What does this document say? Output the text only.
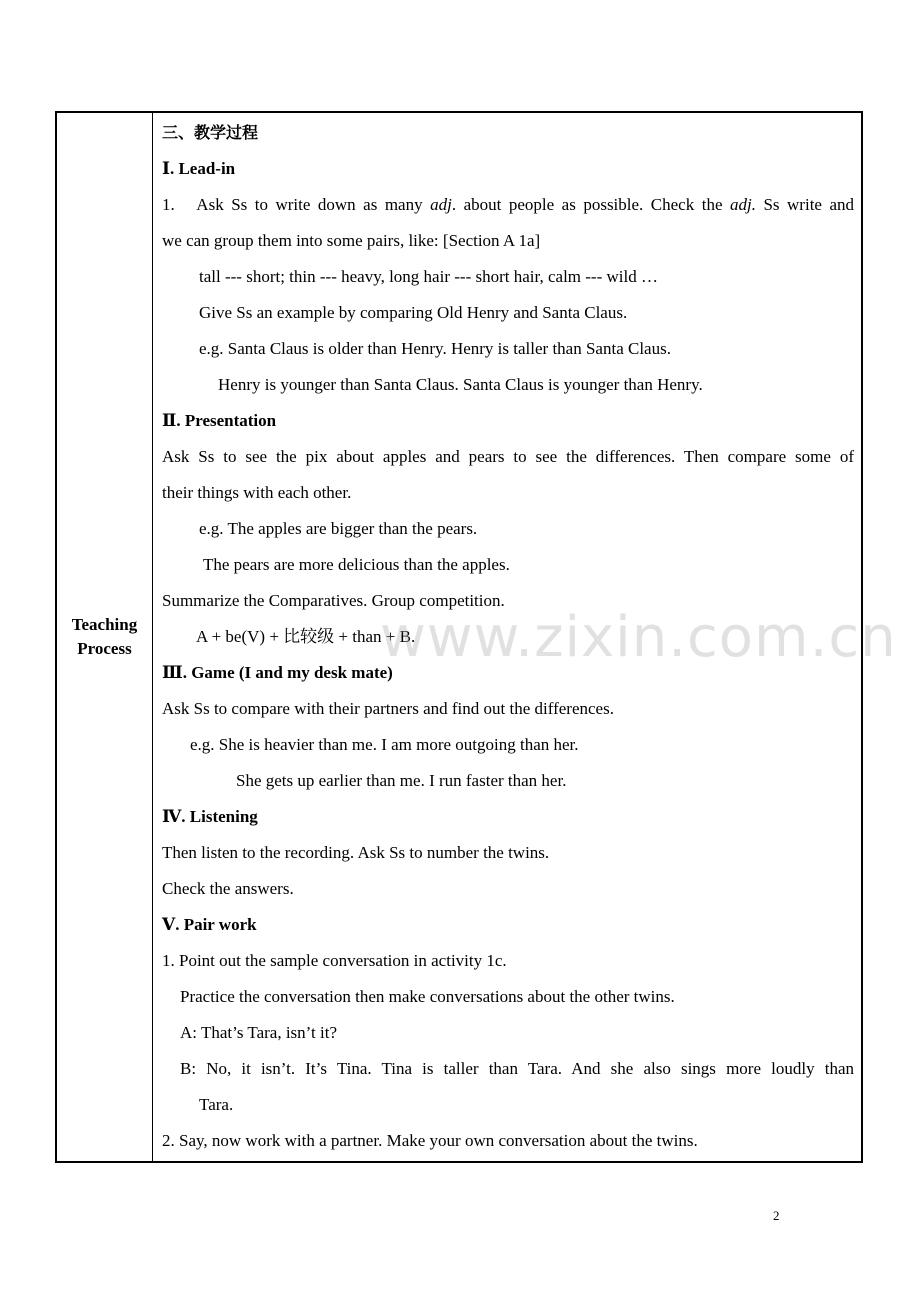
Teaching
Process
三、教学过程
Ⅰ. Lead-in
1.   Ask Ss to write down as many adj. about people as possible. Check the adj. Ss write and
we can group them into some pairs, like: [Section A 1a]
tall --- short; thin --- heavy, long hair --- short hair, calm --- wild …
Give Ss an example by comparing Old Henry and Santa Claus.
e.g. Santa Claus is older than Henry. Henry is taller than Santa Claus.
Henry is younger than Santa Claus. Santa Claus is younger than Henry.
Ⅱ. Presentation
Ask Ss to see the pix about apples and pears to see the differences. Then compare some of
their things with each other.
e.g. The apples are bigger than the pears.
The pears are more delicious than the apples.
Summarize the Comparatives. Group competition.
A + be(V) + 比较级 + than + B.
Ⅲ. Game (I and my desk mate)
Ask Ss to compare with their partners and find out the differences.
e.g. She is heavier than me. I am more outgoing than her.
She gets up earlier than me. I run faster than her.
Ⅳ. Listening
Then listen to the recording. Ask Ss to number the twins.
Check the answers.
Ⅴ. Pair work
1. Point out the sample conversation in activity 1c.
Practice the conversation then make conversations about the other twins.
A: That’s Tara, isn’t it?
B: No, it isn’t. It’s Tina. Tina is taller than Tara. And she also sings more loudly than
Tara.
2. Say, now work with a partner. Make your own conversation about the twins.
www.zixin.com.cn
2
